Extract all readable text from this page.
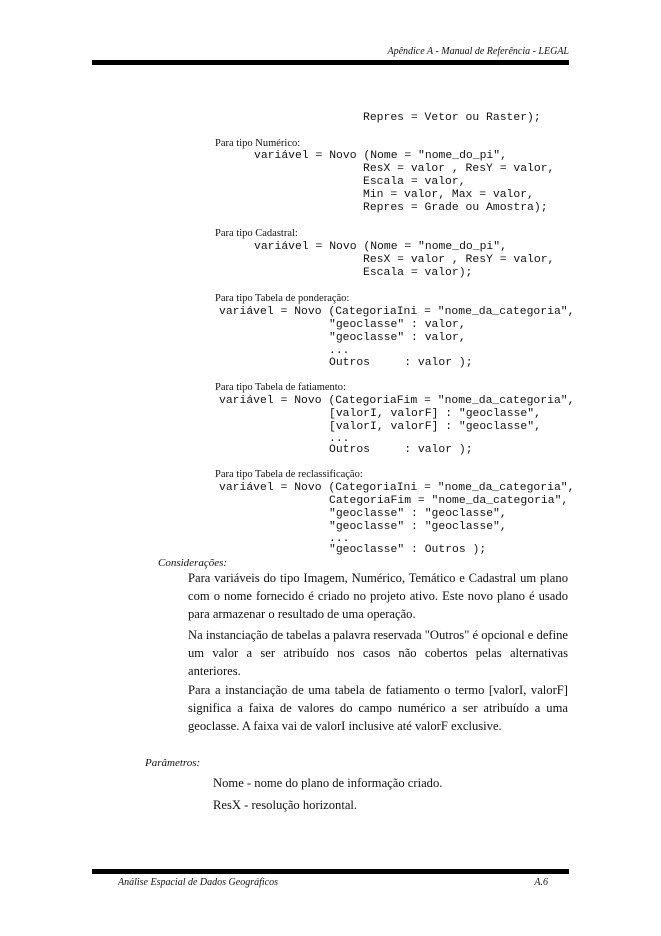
Apêndice A - Manual de Referência - LEGAL
Repres = Vetor ou Raster);
Para tipo Numérico:
variável = Novo (Nome = "nome_do_pi",
ResX = valor , ResY = valor,
Escala = valor,
Min = valor, Max = valor,
Repres = Grade ou Amostra);
Para tipo Cadastral:
variável = Novo (Nome = "nome_do_pi",
ResX = valor , ResY = valor,
Escala = valor);
Para tipo Tabela de ponderação:
variável = Novo (CategoriaIni = "nome_da_categoria",
"geoclasse" : valor,
"geoclasse" : valor,
...
Outros     : valor );
Para tipo Tabela de fatiamento:
variável = Novo (CategoriaFim = "nome_da_categoria",
[valorI, valorF] : "geoclasse",
[valorI, valorF] : "geoclasse",
...
Outros     : valor );
Para tipo Tabela de reclassificação:
variável = Novo (CategoriaIni = "nome_da_categoria",
CategoriaFim = "nome_da_categoria",
"geoclasse" : "geoclasse",
"geoclasse" : "geoclasse",
...
"geoclasse" : Outros );
Considerações:
Para variáveis do tipo Imagem, Numérico, Temático e Cadastral um plano com o nome fornecido é criado no projeto ativo. Este novo plano é usado para armazenar o resultado de uma operação.
Na instanciação de tabelas a palavra reservada "Outros" é opcional e define um valor a ser atribuído nos casos não cobertos pelas alternativas anteriores.
Para a instanciação de uma tabela de fatiamento o termo [valorI, valorF] significa a faixa de valores do campo numérico a ser atribuído a uma geoclasse. A faixa vai de valorI inclusive até valorF exclusive.
Parâmetros:
Nome - nome do plano de informação criado.
ResX - resolução horizontal.
Análise Espacial de Dados Geográficos	A.6
